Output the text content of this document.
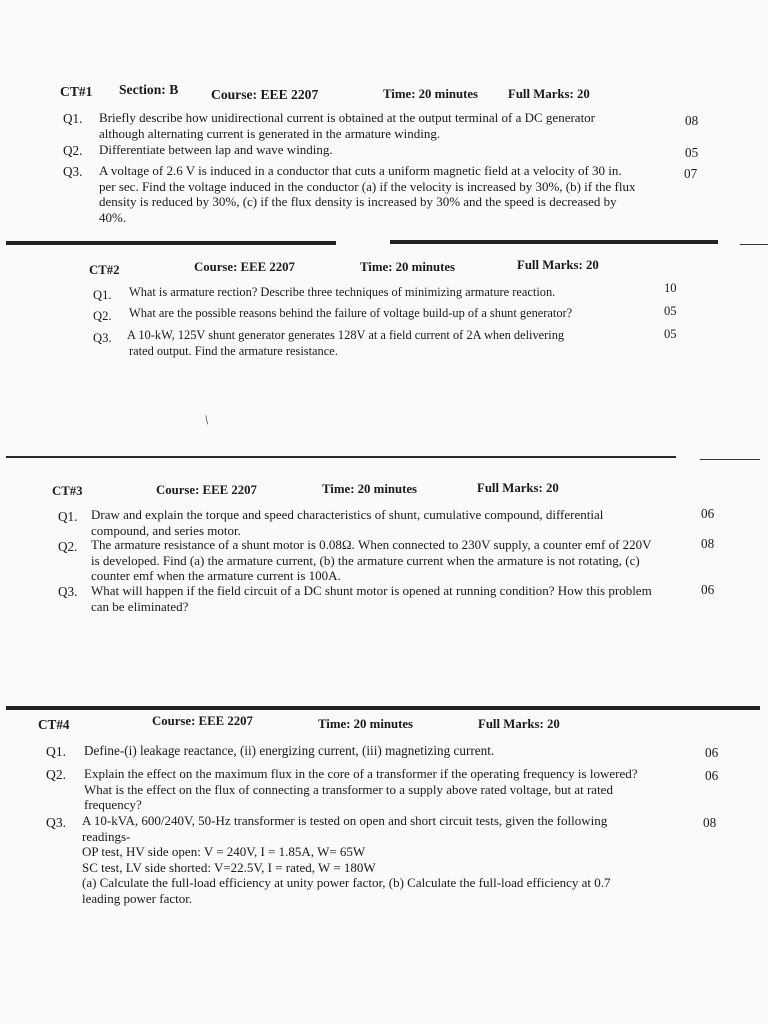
CT#1 Section: B Course: EEE 2207	Time: 20 minutes Full Marks: 20
Q1. Briefly describe how unidirectional current is obtained at the output terminal of a DC generator
although alternating current is generated in the armature winding.
08
Q2. Differentiate between lap and wave winding.	05
Q3. A voltage of 2.6 V is induced in a conductor that cuts a uniform magnetic field at a velocity of 30 in.
per sec. Find the voltage induced in the conductor (a) if the velocity is increased by 30%, (b) if the flux
density is reduced by 30%, (c) if the flux density is increased by 30% and the speed is decreased by
40%.
07
CT#2	Course: EEE 2207	Time: 20 minutes	Full Marks: 20
Q1. What is armature rection? Describe three techniques of minimizing armature reaction.	10
Q2. What are the possible reasons behind the failure of voltage build-up of a shunt generator?	05
Q3. A 10-kW, 125V shunt generator generates 128V at a field current of 2A when delivering
rated output. Find the armature resistance.
05
/
CT#3	Course: EEE 2207	Time: 20 minutes	Full Marks: 20
Q1. Draw and explain the torque and speed characteristics of shunt, cumulative compound, differential
compound, and series motor.
06
Q2. The armature resistance of a shunt motor is 0.08Ω. When connected to 230V supply, a counter emf of 220V
is developed. Find (a) the armature current, (b) the armature current when the armature is not rotating, (c)
counter emf when the armature current is 100A.
08
Q3. What will happen if the field circuit of a DC shunt motor is opened at running condition? How this problem
can be eliminated?
06
CT#4	Course: EEE 2207	Time: 20 minutes	Full Marks: 20
Q1. Define-(i) leakage reactance, (ii) energizing current, (iii) magnetizing current.	06
Q2. Explain the effect on the maximum flux in the core of a transformer if the operating frequency is lowered?
What is the effect on the flux of connecting a transformer to a supply above rated voltage, but at rated
frequency?
06
Q3. A 10-kVA, 600/240V, 50-Hz transformer is tested on open and short circuit tests, given the following
readings-
OP test, HV side open: V = 240V, I = 1.85A, W= 65W
SC test, LV side shorted: V=22.5V, I = rated, W = 180W
(a) Calculate the full-load efficiency at unity power factor, (b) Calculate the full-load efficiency at 0.7
leading power factor.
08
